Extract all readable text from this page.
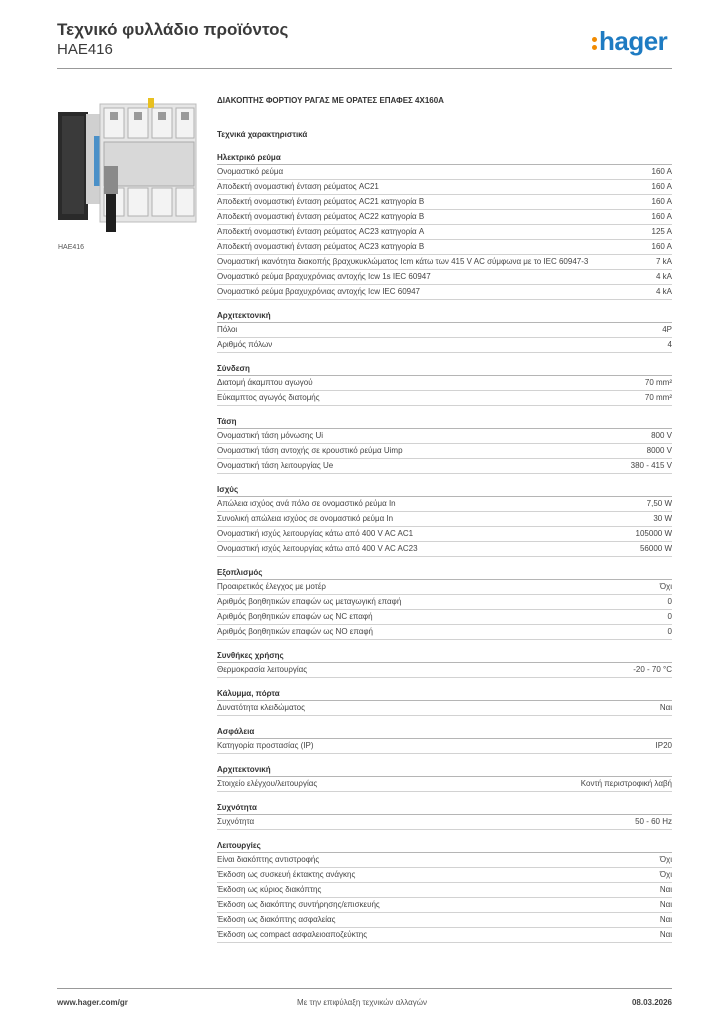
Τεχνικό φυλλάδιο προϊόντος
HAE416	hager
HAE416
ΔΙΑΚΟΠΤΗΣ ΦΟΡΤΙΟΥ ΡΑΓΑΣ ΜΕ ΟΡΑΤΕΣ ΕΠΑΦΕΣ 4Χ160Α
Τεχνικά χαρακτηριστικά
Ηλεκτρικό ρεύμα
Ονομαστικό ρεύμα	160 A
Αποδεκτή ονομαστική ένταση ρεύματος AC21	160 A
Αποδεκτή ονομαστική ένταση ρεύματος AC21 κατηγορία B	160 A
Αποδεκτή ονομαστική ένταση ρεύματος AC22 κατηγορία B	160 A
Αποδεκτή ονομαστική ένταση ρεύματος AC23 κατηγορία A	125 A
Αποδεκτή ονομαστική ένταση ρεύματος AC23 κατηγορία B	160 A
Ονομαστική ικανότητα διακοπής βραχυκυκλώματος Icm κάτω των 415 V AC σύμφωνα με το IEC 60947-3	7 kA
Ονομαστικό ρεύμα βραχυχρόνιας αντοχής Icw 1s IEC 60947	4 kA
Ονομαστικό ρεύμα βραχυχρόνιας αντοχής Icw IEC 60947	4 kA
Αρχιτεκτονική
Πόλοι	4P
Αριθμός πόλων	4
Σύνδεση
Διατομή άκαμπτου αγωγού	70 mm²
Εύκαμπτος αγωγός διατομής	70 mm²
Τάση
Ονομαστική τάση μόνωσης Ui	800 V
Ονομαστική τάση αντοχής σε κρουστικό ρεύμα Uimp	8000 V
Ονομαστική τάση λειτουργίας Ue	380 - 415 V
Ισχύς
Απώλεια ισχύος ανά πόλο σε ονομαστικό ρεύμα In	7,50 W
Συνολική απώλεια ισχύος σε ονομαστικό ρεύμα In	30 W
Ονομαστική ισχύς λειτουργίας κάτω από 400 V AC AC1	105000 W
Ονομαστική ισχύς λειτουργίας κάτω από 400 V AC AC23	56000 W
Εξοπλισμός
Προαιρετικός έλεγχος με μοτέρ	Όχι
Αριθμός βοηθητικών επαφών ως μεταγωγική επαφή	0
Αριθμός βοηθητικών επαφών ως NC επαφή	0
Αριθμός βοηθητικών επαφών ως NO επαφή	0
Συνθήκες χρήσης
Θερμοκρασία λειτουργίας	-20 - 70 °C
Κάλυμμα, πόρτα
Δυνατότητα κλειδώματος	Ναι
Ασφάλεια
Κατηγορία προστασίας (IP)	IP20
Αρχιτεκτονική
Στοιχείο ελέγχου/λειτουργίας	Κοντή περιστροφική λαβή
Συχνότητα
Συχνότητα	50 - 60 Hz
Λειτουργίες
Είναι διακόπτης αντιστροφής	Όχι
Έκδοση ως συσκευή έκτακτης ανάγκης	Όχι
Έκδοση ως κύριος διακόπτης	Ναι
Έκδοση ως διακόπτης συντήρησης/επισκευής	Ναι
Έκδοση ως διακόπτης ασφαλείας	Ναι
Έκδοση ως compact ασφαλειοαποζεύκτης	Ναι
www.hager.com/gr	Με την επιφύλαξη τεχνικών αλλαγών	08.03.2026
